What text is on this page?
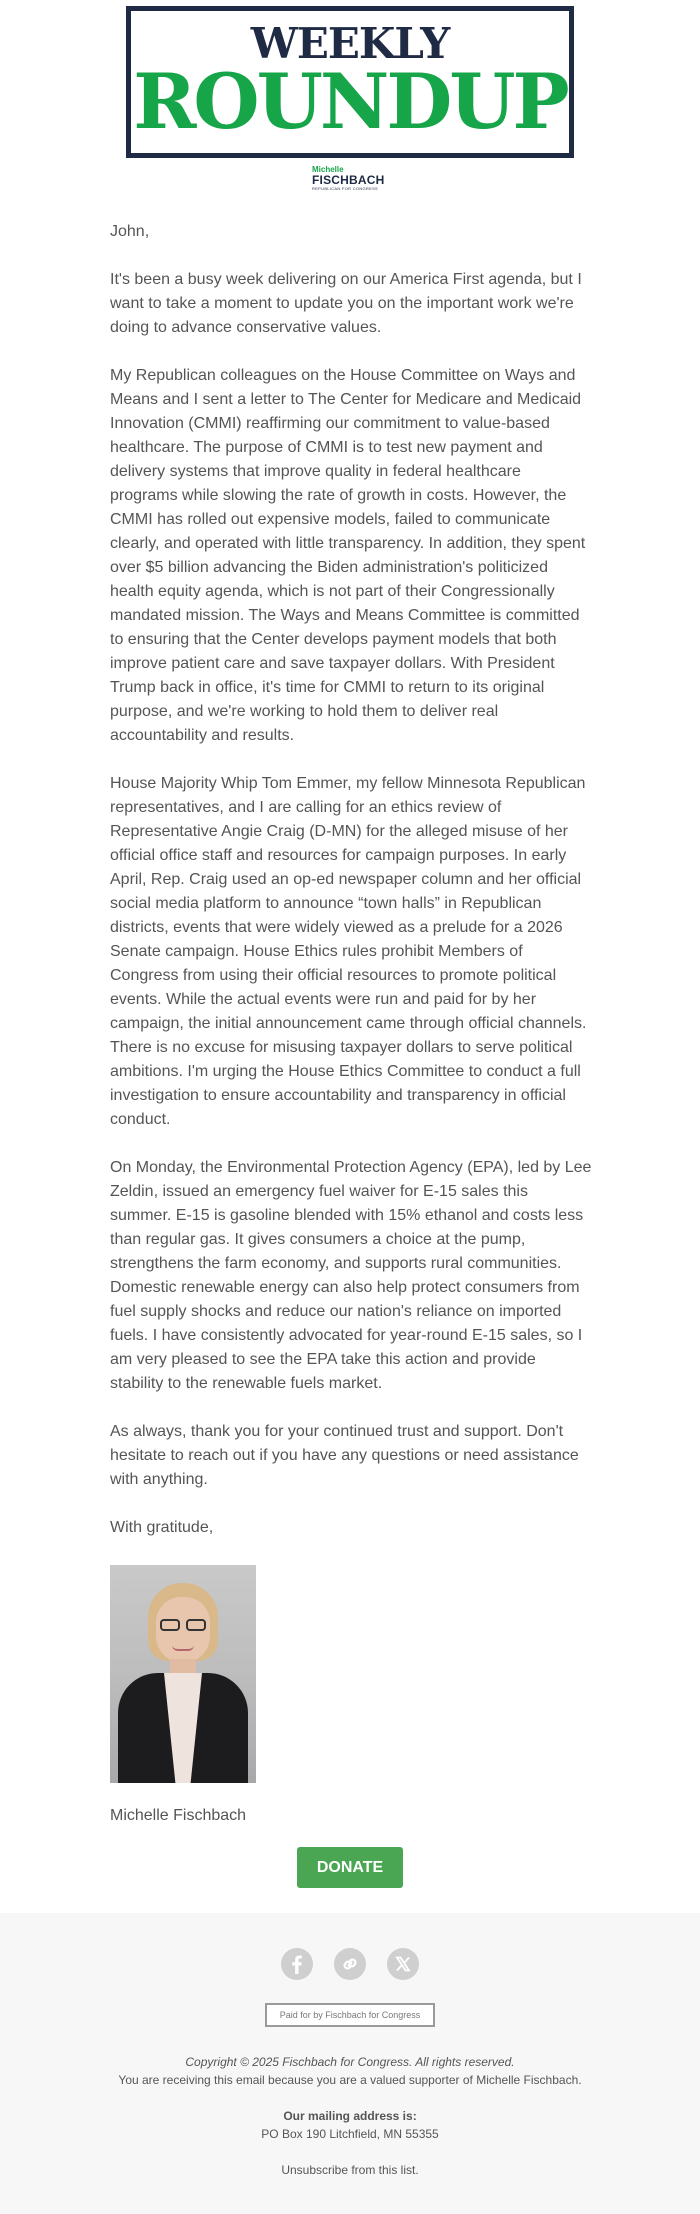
WEEKLY
ROUNDUP
Michelle
FISCHBACH
REPUBLICAN FOR CONGRESS

John,

It's been a busy week delivering on our America First agenda, but I want to take a moment to update you on the important work we're doing to advance conservative values.

My Republican colleagues on the House Committee on Ways and Means and I sent a letter to The Center for Medicare and Medicaid Innovation (CMMI) reaffirming our commitment to value-based healthcare. The purpose of CMMI is to test new payment and delivery systems that improve quality in federal healthcare programs while slowing the rate of growth in costs. However, the CMMI has rolled out expensive models, failed to communicate clearly, and operated with little transparency. In addition, they spent over $5 billion advancing the Biden administration's politicized health equity agenda, which is not part of their Congressionally mandated mission. The Ways and Means Committee is committed to ensuring that the Center develops payment models that both improve patient care and save taxpayer dollars. With President Trump back in office, it's time for CMMI to return to its original purpose, and we're working to hold them to deliver real accountability and results.

House Majority Whip Tom Emmer, my fellow Minnesota Republican representatives, and I are calling for an ethics review of Representative Angie Craig (D-MN) for the alleged misuse of her official office staff and resources for campaign purposes. In early April, Rep. Craig used an op-ed newspaper column and her official social media platform to announce “town halls” in Republican districts, events that were widely viewed as a prelude for a 2026 Senate campaign. House Ethics rules prohibit Members of Congress from using their official resources to promote political events. While the actual events were run and paid for by her campaign, the initial announcement came through official channels. There is no excuse for misusing taxpayer dollars to serve political ambitions. I'm urging the House Ethics Committee to conduct a full investigation to ensure accountability and transparency in official conduct.

On Monday, the Environmental Protection Agency (EPA), led by Lee Zeldin, issued an emergency fuel waiver for E-15 sales this summer. E-15 is gasoline blended with 15% ethanol and costs less than regular gas. It gives consumers a choice at the pump, strengthens the farm economy, and supports rural communities. Domestic renewable energy can also help protect consumers from fuel supply shocks and reduce our nation's reliance on imported fuels. I have consistently advocated for year-round E-15 sales, so I am very pleased to see the EPA take this action and provide stability to the renewable fuels market.

As always, thank you for your continued trust and support. Don't hesitate to reach out if you have any questions or need assistance with anything.

With gratitude,

Michelle Fischbach

DONATE
Paid for by Fischbach for Congress
Copyright © 2025 Fischbach for Congress. All rights reserved.
You are receiving this email because you are a valued supporter of Michelle Fischbach.
Our mailing address is:
PO Box 190 Litchfield, MN 55355
Unsubscribe from this list.
